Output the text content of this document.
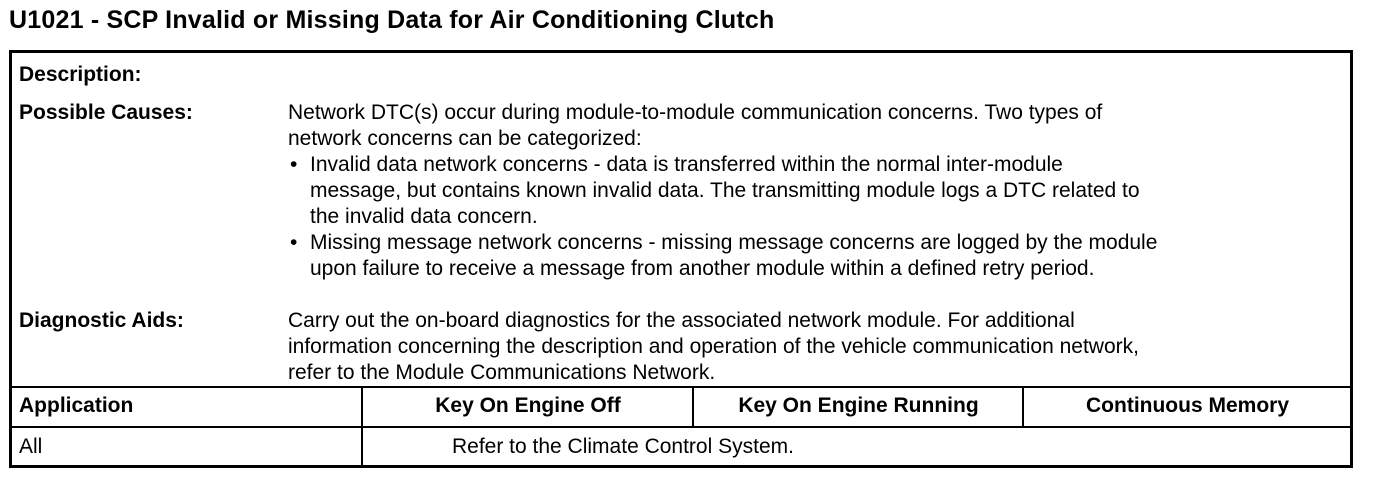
U1021 - SCP Invalid or Missing Data for Air Conditioning Clutch
Description:
Possible Causes:	Network DTC(s) occur during module-to-module communication concerns. Two types of

network concerns can be categorized:

• Invalid data network concerns - data is transferred within the normal inter-module

message, but contains known invalid data. The transmitting module logs a DTC related to

the invalid data concern.

• Missing message network concerns - missing message concerns are logged by the module

upon failure to receive a message from another module within a defined retry period.

Diagnostic Aids:	Carry out the on-board diagnostics for the associated network module. For additional

information concerning the description and operation of the vehicle communication network,

refer to the Module Communications Network.

Application	Key On Engine Off	Key On Engine Running	Continuous Memory
All	Refer to the Climate Control System.
